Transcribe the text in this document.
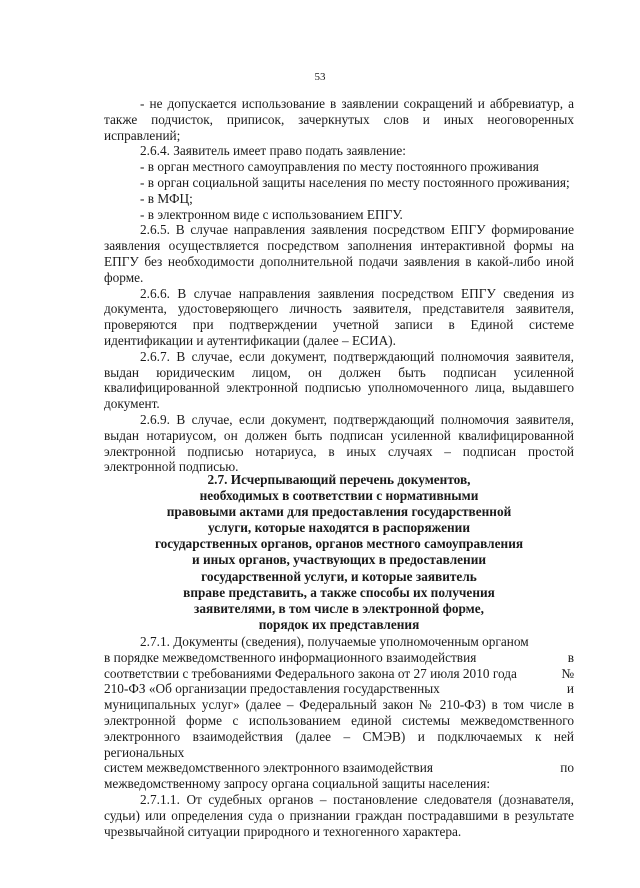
53

- не допускается использование в заявлении сокращений и аббревиатур, а также подчисток, приписок, зачеркнутых слов и иных неоговоренных исправлений;

2.6.4. Заявитель имеет право подать заявление:

- в орган местного самоуправления по месту постоянного проживания

- в орган социальной защиты населения по месту постоянного проживания;

- в МФЦ;

- в электронном виде с использованием ЕПГУ.

2.6.5. В случае направления заявления посредством ЕПГУ формирование заявления осуществляется посредством заполнения интерактивной формы на ЕПГУ без необходимости дополнительной подачи заявления в какой-либо иной форме.

2.6.6. В случае направления заявления посредством ЕПГУ сведения из документа, удостоверяющего личность заявителя, представителя заявителя, проверяются при подтверждении учетной записи в Единой системе идентификации и аутентификации (далее – ЕСИА).

2.6.7. В случае, если документ, подтверждающий полномочия заявителя, выдан юридическим лицом, он должен быть подписан усиленной квалифицированной электронной подписью уполномоченного лица, выдавшего документ.

2.6.9. В случае, если документ, подтверждающий полномочия заявителя, выдан нотариусом, он должен быть подписан усиленной квалифицированной электронной подписью нотариуса, в иных случаях – подписан простой электронной подписью.

2.7. Исчерпывающий перечень документов,
необходимых в соответствии с нормативными
правовыми актами для предоставления государственной
услуги, которые находятся в распоряжении
государственных органов, органов местного самоуправления
и иных органов, участвующих в предоставлении
государственной услуги, и которые заявитель
вправе представить, а также способы их получения
заявителями, в том числе в электронной форме,
порядок их представления

2.7.1. Документы (сведения), получаемые уполномоченным органом

в порядке межведомственного информационного взаимодействия	в
соответствии с требованиями Федерального закона от 27 июля 2010 года	№
210-ФЗ «Об организации предоставления государственных	и

муниципальных услуг» (далее – Федеральный закон № 210-ФЗ) в том числе в электронной форме с использованием единой системы межведомственного электронного взаимодействия (далее – СМЭВ) и подключаемых к ней региональных

систем межведомственного электронного взаимодействия	по

межведомственному запросу органа социальной защиты населения:

2.7.1.1. От судебных органов – постановление следователя (дознавателя, судьи) или определения суда о признании граждан пострадавшими в результате чрезвычайной ситуации природного и техногенного характера.
